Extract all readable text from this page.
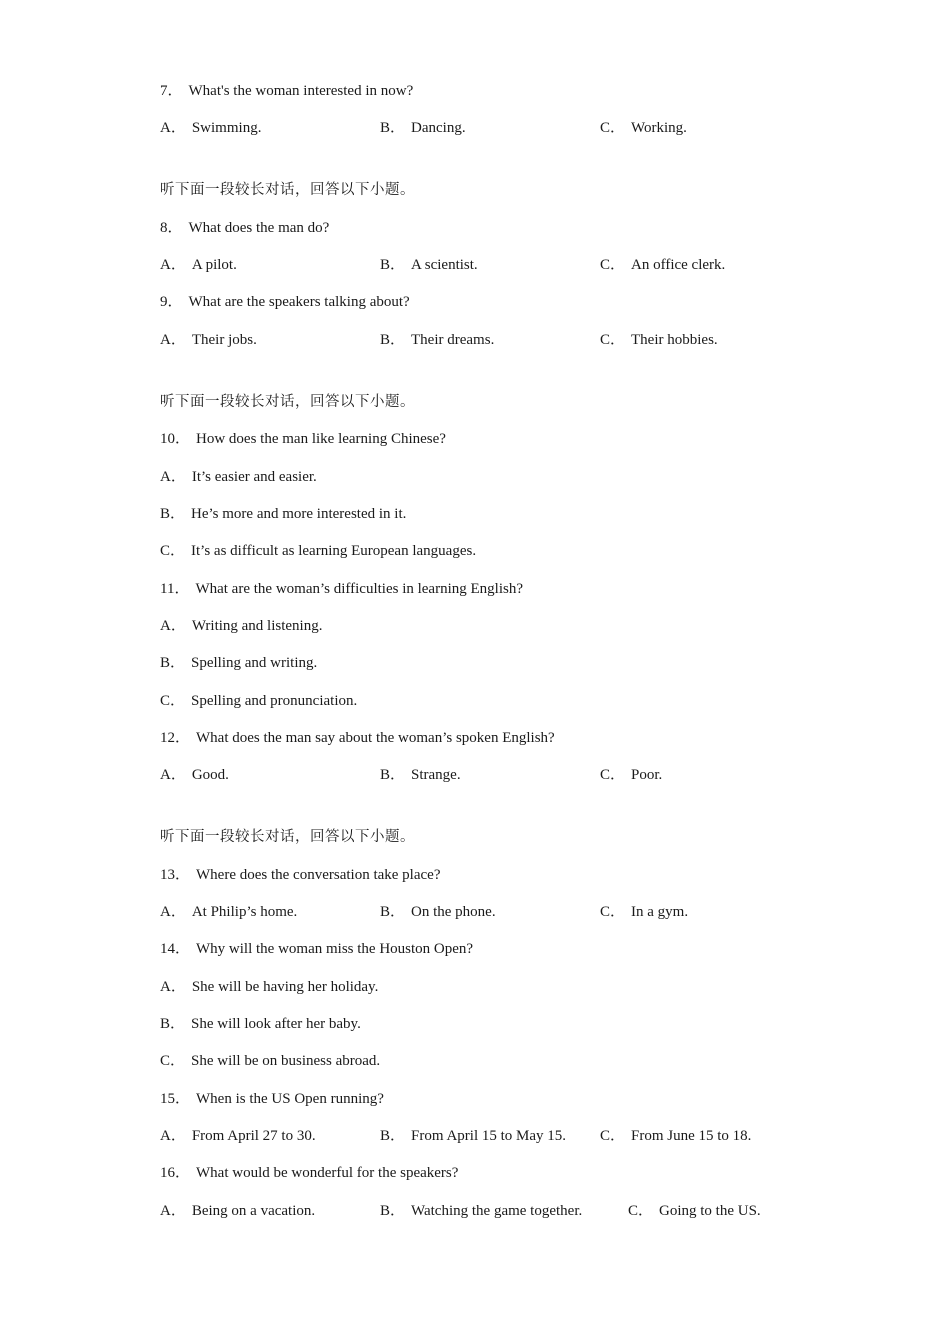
7． What's the woman interested in now?
A． Swimming.	B． Dancing.	C． Working.
听下面一段较长对话，回答以下小题。
8． What does the man do?
A． A pilot.	B． A scientist.	C． An office clerk.
9． What are the speakers talking about?
A． Their jobs.	B． Their dreams.	C． Their hobbies.
听下面一段较长对话，回答以下小题。
10． How does the man like learning Chinese?
A． It’s easier and easier.
B． He’s more and more interested in it.
C． It’s as difficult as learning European languages.
11． What are the woman’s difficulties in learning English?
A． Writing and listening.
B． Spelling and writing.
C． Spelling and pronunciation.
12． What does the man say about the woman’s spoken English?
A． Good.	B． Strange.	C． Poor.
听下面一段较长对话，回答以下小题。
13． Where does the conversation take place?
A． At Philip’s home.	B． On the phone.	C． In a gym.
14． Why will the woman miss the Houston Open?
A． She will be having her holiday.
B． She will look after her baby.
C． She will be on business abroad.
15． When is the US Open running?
A． From April 27 to 30.	B． From April 15 to May 15. C． From June 15 to 18.
16． What would be wonderful for the speakers?
A． Being on a vacation.	B． Watching the game together.	C． Going to the US.
